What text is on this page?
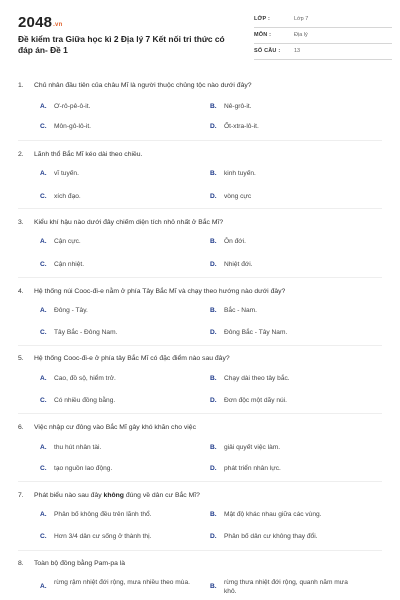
2048.vn
Đề kiểm tra Giữa học kì 2 Địa lý 7 Kết nối tri thức có đáp án- Đề 1
LỚP :	Lớp 7
MÔN :	Địa lý
SỐ CÂU : 13
1. Chủ nhân đầu tiên của châu Mĩ là người thuộc chủng tộc nào dưới đây?
A. Ơ-rô-pê-ô-it.	B. Nê-grô-it.
C. Môn-gô-lô-it.	D. Ốt-xtra-lô-it.
2. Lãnh thổ Bắc Mĩ kéo dài theo chiều.
A. vĩ tuyến.	B. kinh tuyến.
C. xích đạo.	D. vòng cực
3. Kiểu khí hậu nào dưới đây chiếm diện tích nhỏ nhất ở Bắc Mĩ?
A. Cận cực.	B. Ôn đới.
C. Cận nhiệt.	D. Nhiệt đới.
4. Hệ thống núi Cooc-đi-e nằm ở phía Tây Bắc Mĩ và chạy theo hướng nào dưới đây?
A. Đông - Tây.	B. Bắc - Nam.
C. Tây Bắc - Đông Nam.	D. Đông Bắc - Tây Nam.
5. Hệ thống Cooc-đi-e ở phía tây Bắc Mĩ có đặc điểm nào sau đây?
A. Cao, đồ sộ, hiểm trở.	B. Chạy dài theo tây bắc.
C. Có nhiều đồng bằng.	D. Đơn độc một dãy núi.
6. Việc nhập cư đông vào Bắc Mĩ gây khó khăn cho việc
A. thu hút nhân tài.	B. giải quyết việc làm.
C. tạo nguồn lao động.	D. phát triển nhân lực.
7. Phát biểu nào sau đây không đúng về dân cư Bắc Mĩ?
A. Phân bố không đều trên lãnh thổ.	B. Mật độ khác nhau giữa các vùng.
C. Hơn 3/4 dân cư sống ở thành thị.	D. Phân bố dân cư không thay đổi.
8. Toàn bộ đồng bằng Pam-pa là
A.
rừng rậm nhiệt đới rộng, mưa nhiều theo mùa.
B.
rừng thưa nhiệt đới rộng, quanh năm mưa khô.
